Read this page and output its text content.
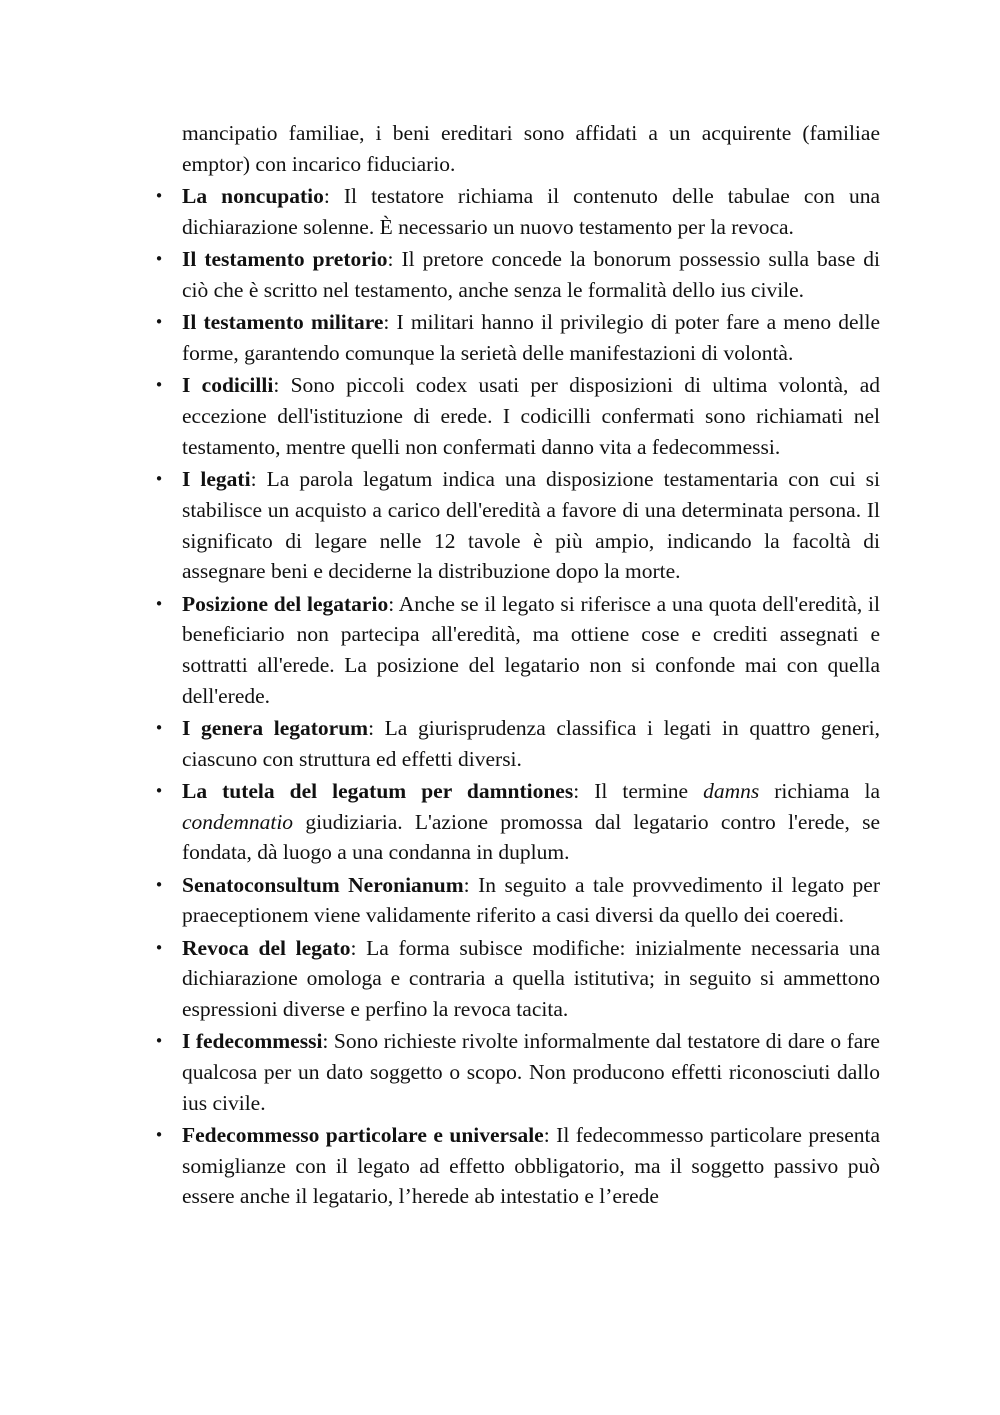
mancipatio familiae, i beni ereditari sono affidati a un acquirente (familiae emptor) con incarico fiduciario.

• La noncupatio: Il testatore richiama il contenuto delle tabulae con una dichiarazione solenne. È necessario un nuovo testamento per la revoca.
• Il testamento pretorio: Il pretore concede la bonorum possessio sulla base di ciò che è scritto nel testamento, anche senza le formalità dello ius civile.
• Il testamento militare: I militari hanno il privilegio di poter fare a meno delle forme, garantendo comunque la serietà delle manifestazioni di volontà.
• I codicilli: Sono piccoli codex usati per disposizioni di ultima volontà, ad eccezione dell'istituzione di erede. I codicilli confermati sono richiamati nel testamento, mentre quelli non confermati danno vita a fedecommessi.
• I legati: La parola legatum indica una disposizione testamentaria con cui si stabilisce un acquisto a carico dell'eredità a favore di una determinata persona. Il significato di legare nelle 12 tavole è più ampio, indicando la facoltà di assegnare beni e deciderne la distribuzione dopo la morte.
• Posizione del legatario: Anche se il legato si riferisce a una quota dell'eredità, il beneficiario non partecipa all'eredità, ma ottiene cose e crediti assegnati e sottratti all'erede. La posizione del legatario non si confonde mai con quella dell'erede.
• I genera legatorum: La giurisprudenza classifica i legati in quattro generi, ciascuno con struttura ed effetti diversi.
• La tutela del legatum per damntiones: Il termine damns richiama la condemnatio giudiziaria. L'azione promossa dal legatario contro l'erede, se fondata, dà luogo a una condanna in duplum.
• Senatoconsultum Neronianum: In seguito a tale provvedimento il legato per praeceptionem viene validamente riferito a casi diversi da quello dei coeredi.
• Revoca del legato: La forma subisce modifiche: inizialmente necessaria una dichiarazione omologa e contraria a quella istitutiva; in seguito si ammettono espressioni diverse e perfino la revoca tacita.
• I fedecommessi: Sono richieste rivolte informalmente dal testatore di dare o fare qualcosa per un dato soggetto o scopo. Non producono effetti riconosciuti dallo ius civile.
• Fedecommesso particolare e universale: Il fedecommesso particolare presenta somiglianze con il legato ad effetto obbligatorio, ma il soggetto passivo può essere anche il legatario, l’herede ab intestatio e l’erede
